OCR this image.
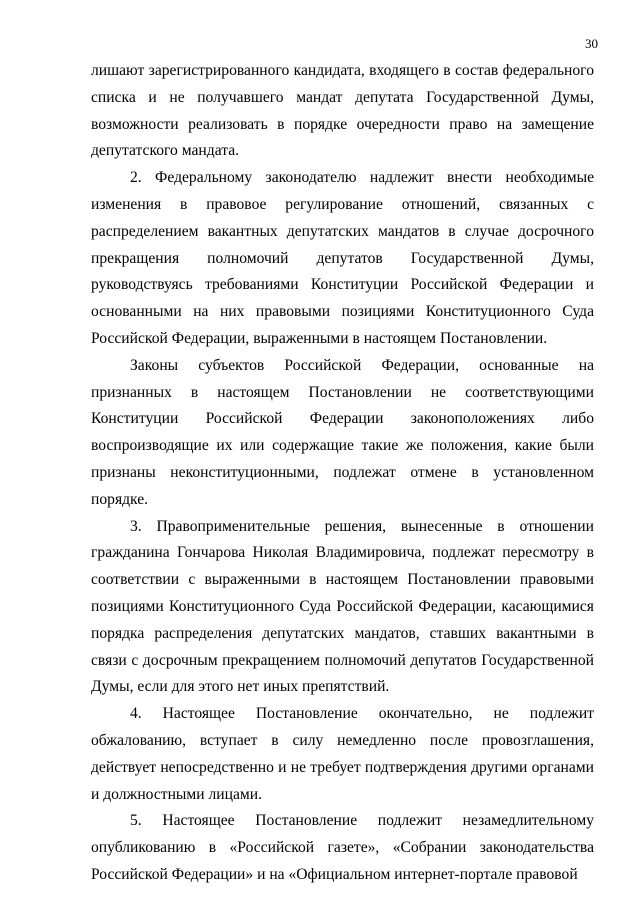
30

лишают зарегистрированного кандидата, входящего в состав федерального списка и не получавшего мандат депутата Государственной Думы, возможности реализовать в порядке очередности право на замещение депутатского мандата.

2. Федеральному законодателю надлежит внести необходимые изменения в правовое регулирование отношений, связанных с распределением вакантных депутатских мандатов в случае досрочного прекращения полномочий депутатов Государственной Думы, руководствуясь требованиями Конституции Российской Федерации и основанными на них правовыми позициями Конституционного Суда Российской Федерации, выраженными в настоящем Постановлении.

Законы субъектов Российской Федерации, основанные на признанных в настоящем Постановлении не соответствующими Конституции Российской Федерации законоположениях либо воспроизводящие их или содержащие такие же положения, какие были признаны неконституционными, подлежат отмене в установленном порядке.

3. Правоприменительные решения, вынесенные в отношении гражданина Гончарова Николая Владимировича, подлежат пересмотру в соответствии с выраженными в настоящем Постановлении правовыми позициями Конституционного Суда Российской Федерации, касающимися порядка распределения депутатских мандатов, ставших вакантными в связи с досрочным прекращением полномочий депутатов Государственной Думы, если для этого нет иных препятствий.

4. Настоящее Постановление окончательно, не подлежит обжалованию, вступает в силу немедленно после провозглашения, действует непосредственно и не требует подтверждения другими органами и должностными лицами.

5. Настоящее Постановление подлежит незамедлительному опубликованию в «Российской газете», «Собрании законодательства Российской Федерации» и на «Официальном интернет-портале правовой
